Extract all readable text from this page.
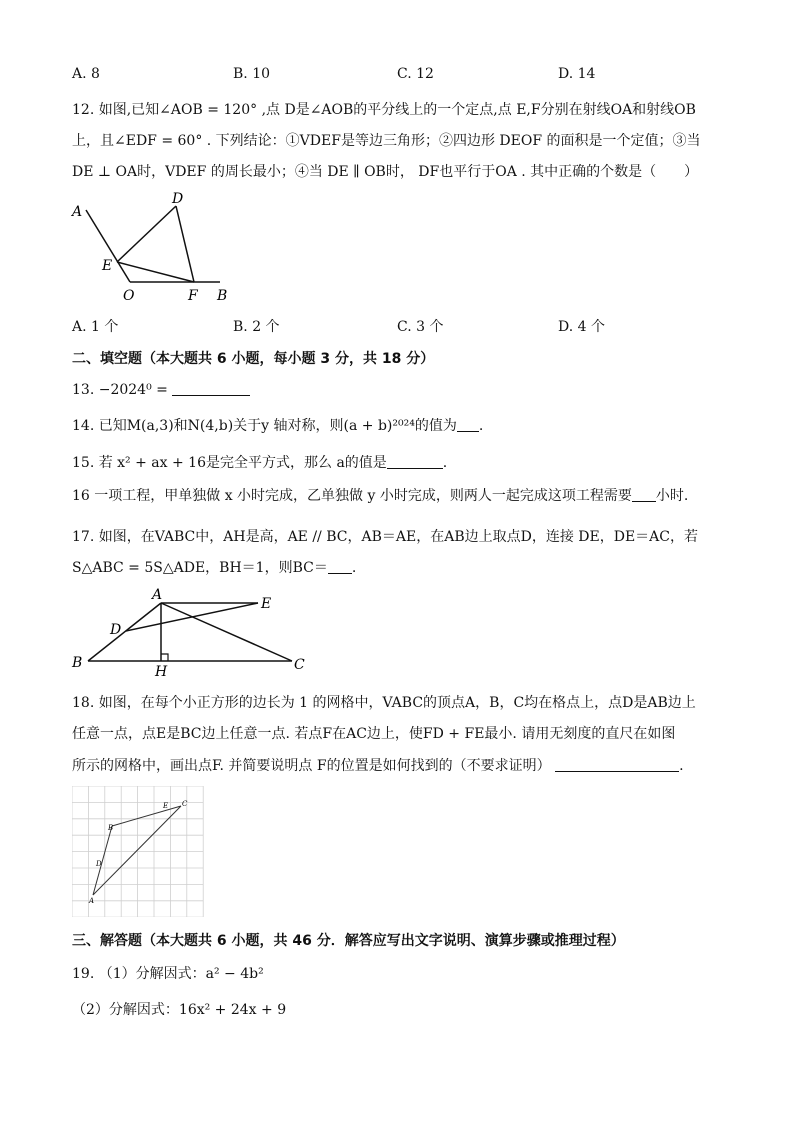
A. 8	B. 10	C. 12	D. 14
12. 如图,已知∠AOB = 120° ,点 D是∠AOB的平分线上的一个定点,点 E,F分别在射线OA和射线OB
上，且∠EDF = 60° . 下列结论：①VDEF是等边三角形；②四边形 DEOF 的面积是一个定值；③当
DE ⊥ OA时，VDEF 的周长最小；④当 DE ∥ OB时， DF也平行于OA . 其中正确的个数是（　　）
A
D
E
O	F B
A. 1 个	B. 2 个	C. 3 个	D. 4 个
二、填空题（本大题共 6 小题，每小题 3 分，共 18 分）
13. −2024⁰ =
14. 已知M(a,3)和N(4,b)关于y 轴对称，则(a + b)²⁰²⁴的值为 .
15. 若 x² + ax + 16是完全平方式，那么 a的值是	.
16 一项工程，甲单独做 x 小时完成，乙单独做 y 小时完成，则两人一起完成这项工程需要 小时.
17. 如图，在VABC中，AH是高，AE // BC，AB＝AE，在AB边上取点D，连接 DE，DE＝AC，若
S△ABC = 5S△ADE，BH＝1，则BC＝ .
A
E
D
B
H	C
18. 如图，在每个小正方形的边长为 1 的网格中，VABC的顶点A，B，C均在格点上，点D是AB边上
任意一点，点E是BC边上任意一点. 若点F在AC边上，使FD + FE最小. 请用无刻度的直尺在如图
所示的网格中，画出点F. 并简要说明点 F的位置是如何找到的（不要求证明）	.
A
B
C
D
E
三、解答题（本大题共 6 小题，共 46 分．解答应写出文字说明、演算步骤或推理过程）
19. （1）分解因式：a² − 4b²
（2）分解因式：16x² + 24x + 9
